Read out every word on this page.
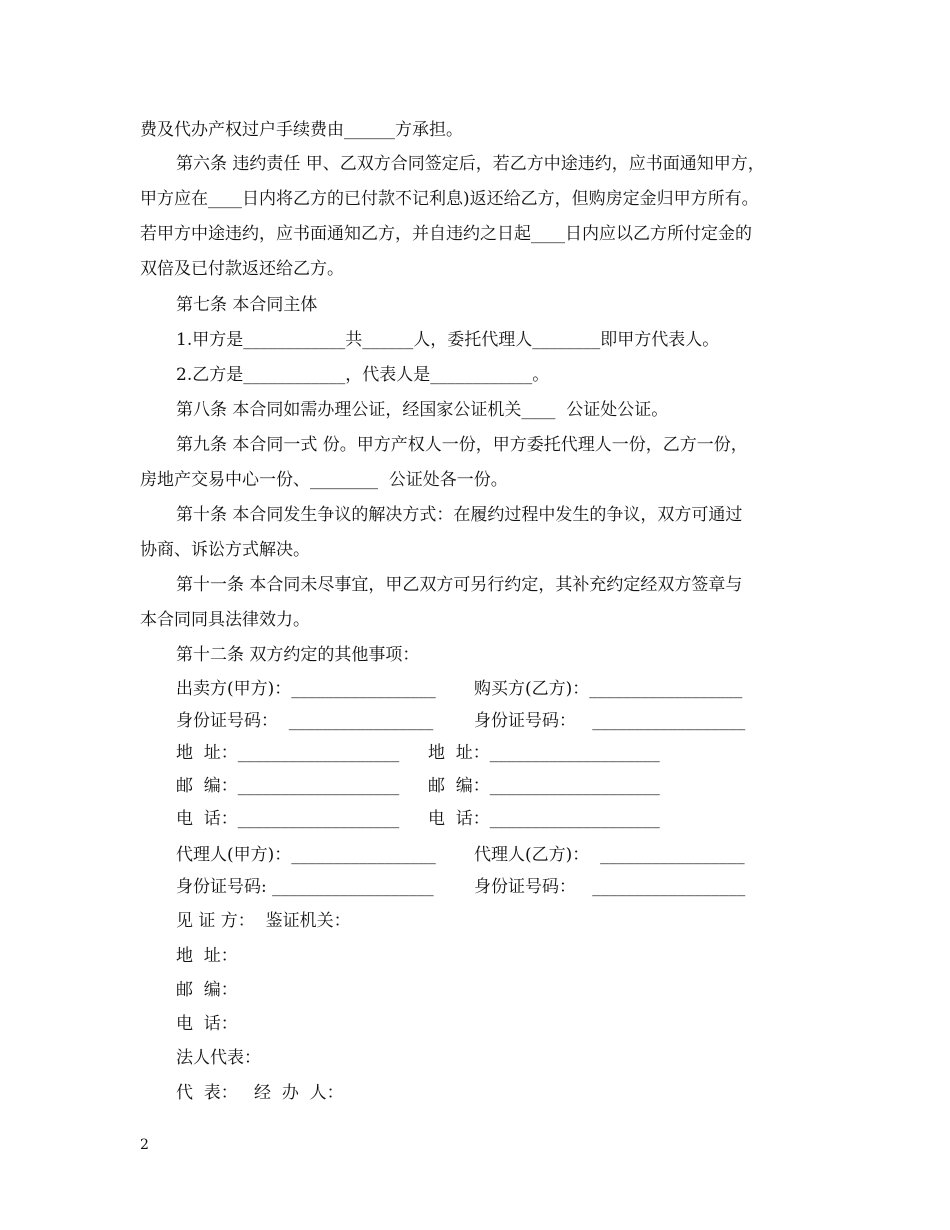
费及代办产权过户手续费由______方承担。
第六条 违约责任 甲、乙双方合同签定后，若乙方中途违约，应书面通知甲方，
甲方应在____日内将乙方的已付款不记利息)返还给乙方，但购房定金归甲方所有。
若甲方中途违约，应书面通知乙方，并自违约之日起____日内应以乙方所付定金的
双倍及已付款返还给乙方。
第七条 本合同主体
1.甲方是____________共______人，委托代理人________即甲方代表人。
2.乙方是____________，代表人是____________。
第八条 本合同如需办理公证，经国家公证机关____  公证处公证。
第九条 本合同一式 份。甲方产权人一份，甲方委托代理人一份，乙方一份，
房地产交易中心一份、________  公证处各一份。
第十条 本合同发生争议的解决方式：在履约过程中发生的争议，双方可通过
协商、诉讼方式解决。
第十一条 本合同未尽事宜，甲乙双方可另行约定，其补充约定经双方签章与
本合同同具法律效力。
第十二条 双方约定的其他事项：
出卖方(甲方)：_________________
身份证号码：  _________________
地  址：___________________
邮  编：___________________
电  话：___________________
代理人(甲方)：_________________
身份证号码: ___________________
购买方(乙方)：__________________
身份证号码：   __________________
地  址：____________________
邮  编：____________________
电  话：____________________
代理人(乙方)：  _________________
身份证号码：   __________________
见 证 方：  鉴证机关：
地  址：
邮  编：
电  话：
法人代表：
代  表：   经  办  人：
2
